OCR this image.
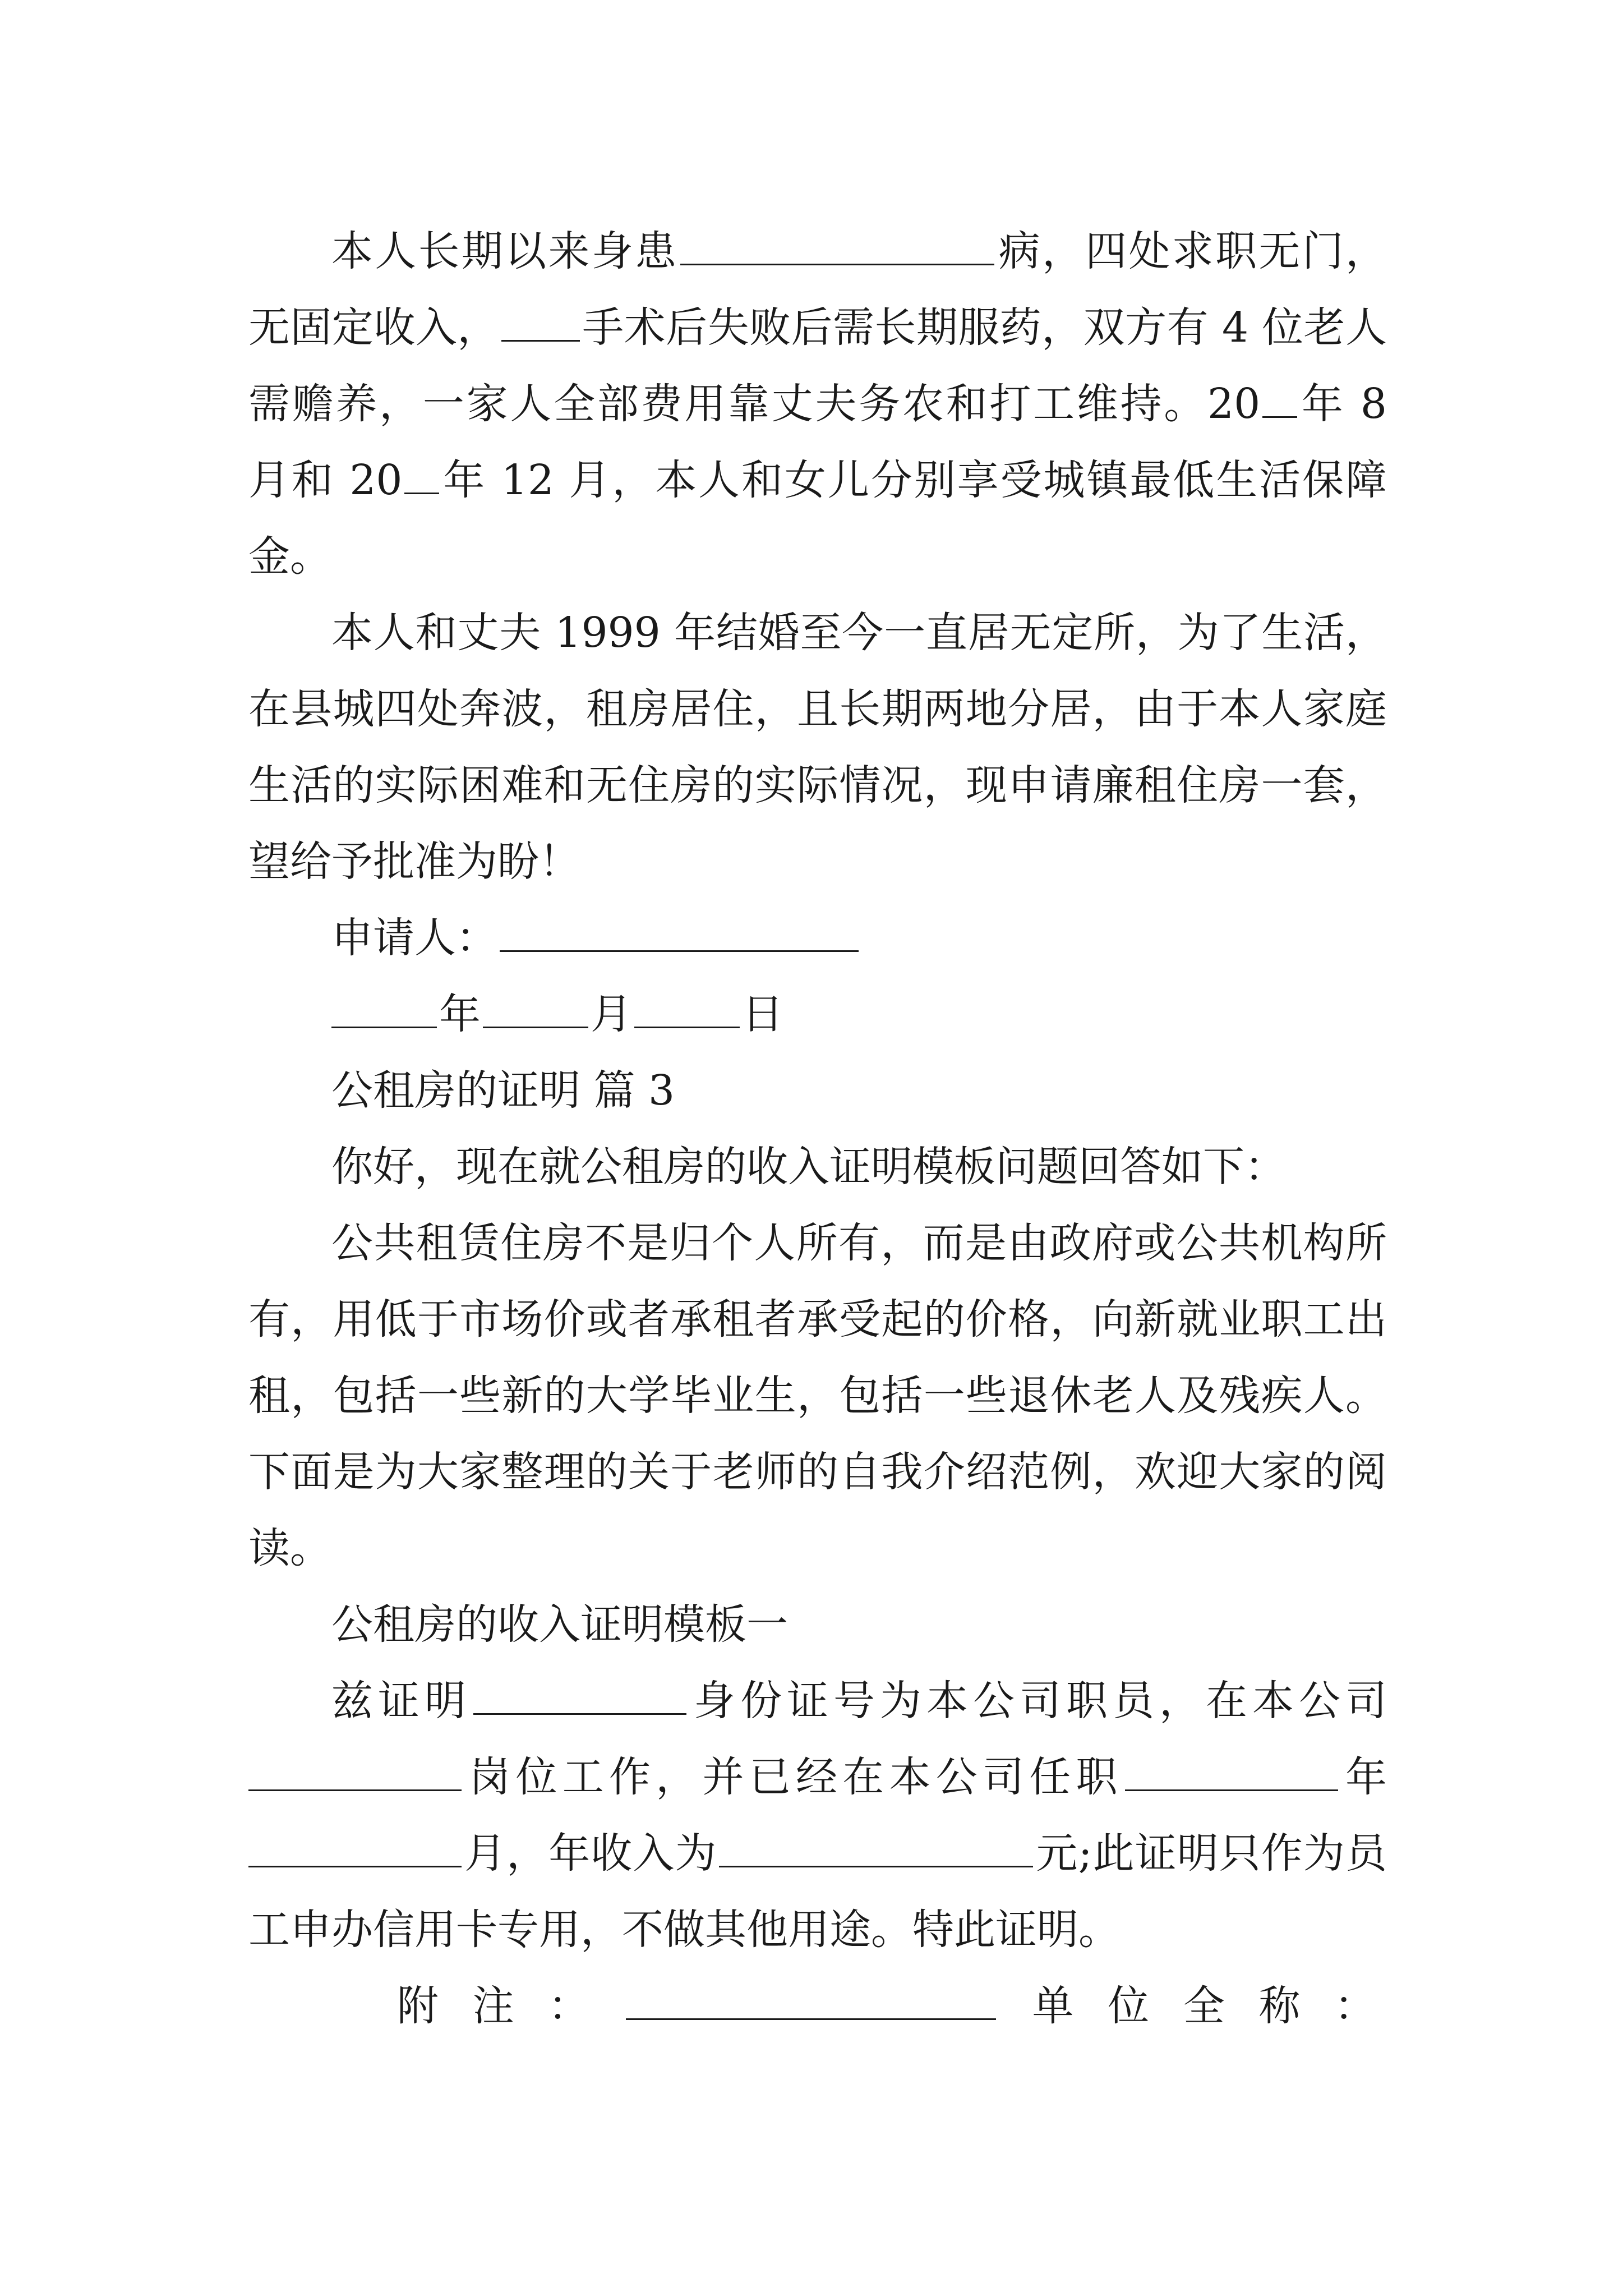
本人长期以来身患	病，四处求职无门，无固定收入， 手术后失败后需长期服药，双方有 4 位老人需赡养，一家人全部费用靠丈夫务农和打工维持。20 年 8 月和 20 年 12 月，本人和女儿分别享受城镇最低生活保障金。

本人和丈夫 1999 年结婚至今一直居无定所，为了生活，在县城四处奔波，租房居住，且长期两地分居，由于本人家庭生活的实际困难和无住房的实际情况，现申请廉租住房一套，望给予批准为盼！

申请人：

年	月	日

公租房的证明 篇 3

你好，现在就公租房的收入证明模板问题回答如下：

公共租赁住房不是归个人所有，而是由政府或公共机构所有，用低于市场价或者承租者承受起的价格，向新就业职工出租，包括一些新的大学毕业生，包括一些退休老人及残疾人。下面是为大家整理的关于老师的自我介绍范例，欢迎大家的阅读。

公租房的收入证明模板一

兹证明	身份证号为本公司职员，在本公司岗位工作，并已经在本公司任职	年月，年收入为	元;此证明只作为员工申办信用卡专用，不做其他用途。特此证明。

附 注 ：	单 位 全 称 ：
